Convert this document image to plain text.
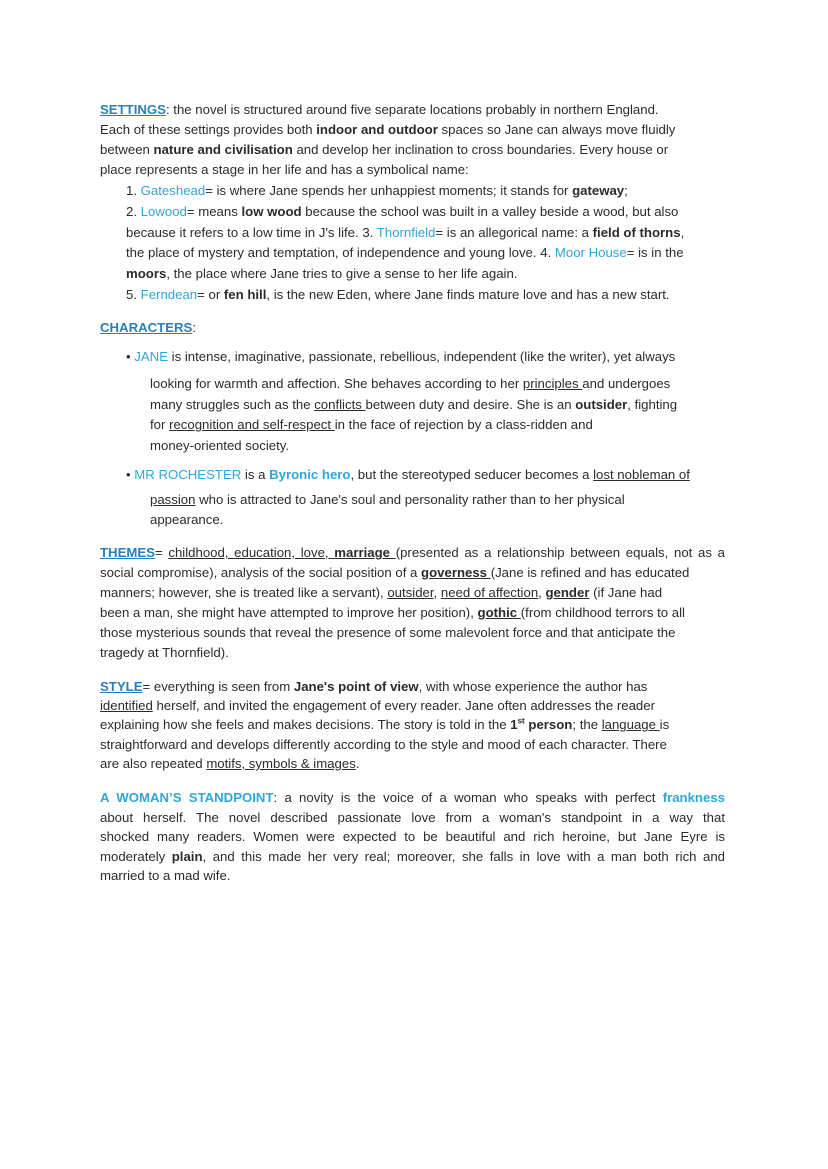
SETTINGS: the novel is structured around five separate locations probably in northern England.
Each of these settings provides both indoor and outdoor spaces so Jane can always move fluidly
between nature and civilisation and develop her inclination to cross boundaries. Every house or
place represents a stage in her life and has a symbolical name:
1. Gateshead= is where Jane spends her unhappiest moments; it stands for gateway;
2. Lowood= means low wood because the school was built in a valley beside a wood, but also
because it refers to a low time in J's life. 3. Thornfield= is an allegorical name: a field of thorns,
the place of mystery and temptation, of independence and young love. 4. Moor House= is in the
moors, the place where Jane tries to give a sense to her life again.
5. Ferndean= or fen hill, is the new Eden, where Jane finds mature love and has a new start.
CHARACTERS:
• JANE is intense, imaginative, passionate, rebellious, independent (like the writer), yet always
looking for warmth and affection. She behaves according to her principles and undergoes
many struggles such as the conflicts between duty and desire. She is an outsider, fighting
for recognition and self-respect in the face of rejection by a class-ridden and
money-oriented society.
• MR ROCHESTER is a Byronic hero, but the stereotyped seducer becomes a lost nobleman of
passion who is attracted to Jane's soul and personality rather than to her physical
appearance.
THEMES= childhood, education, love, marriage (presented as a relationship between equals, not as a
social compromise), analysis of the social position of a governess (Jane is refined and has educated
manners; however, she is treated like a servant), outsider, need of affection, gender (if Jane had
been a man, she might have attempted to improve her position), gothic (from childhood terrors to all
those mysterious sounds that reveal the presence of some malevolent force and that anticipate the
tragedy at Thornfield).
STYLE= everything is seen from Jane's point of view, with whose experience the author has
identified herself, and invited the engagement of every reader. Jane often addresses the reader
explaining how she feels and makes decisions. The story is told in the 1st person; the language is
straightforward and develops differently according to the style and mood of each character. There
are also repeated motifs, symbols & images.
A WOMAN’S STANDPOINT: a novity is the voice of a woman who speaks with perfect frankness
about herself. The novel described passionate love from a woman's standpoint in a way that
shocked many readers. Women were expected to be beautiful and rich heroine, but Jane Eyre is
moderately plain, and this made her very real; moreover, she falls in love with a man both rich and
married to a mad wife.
